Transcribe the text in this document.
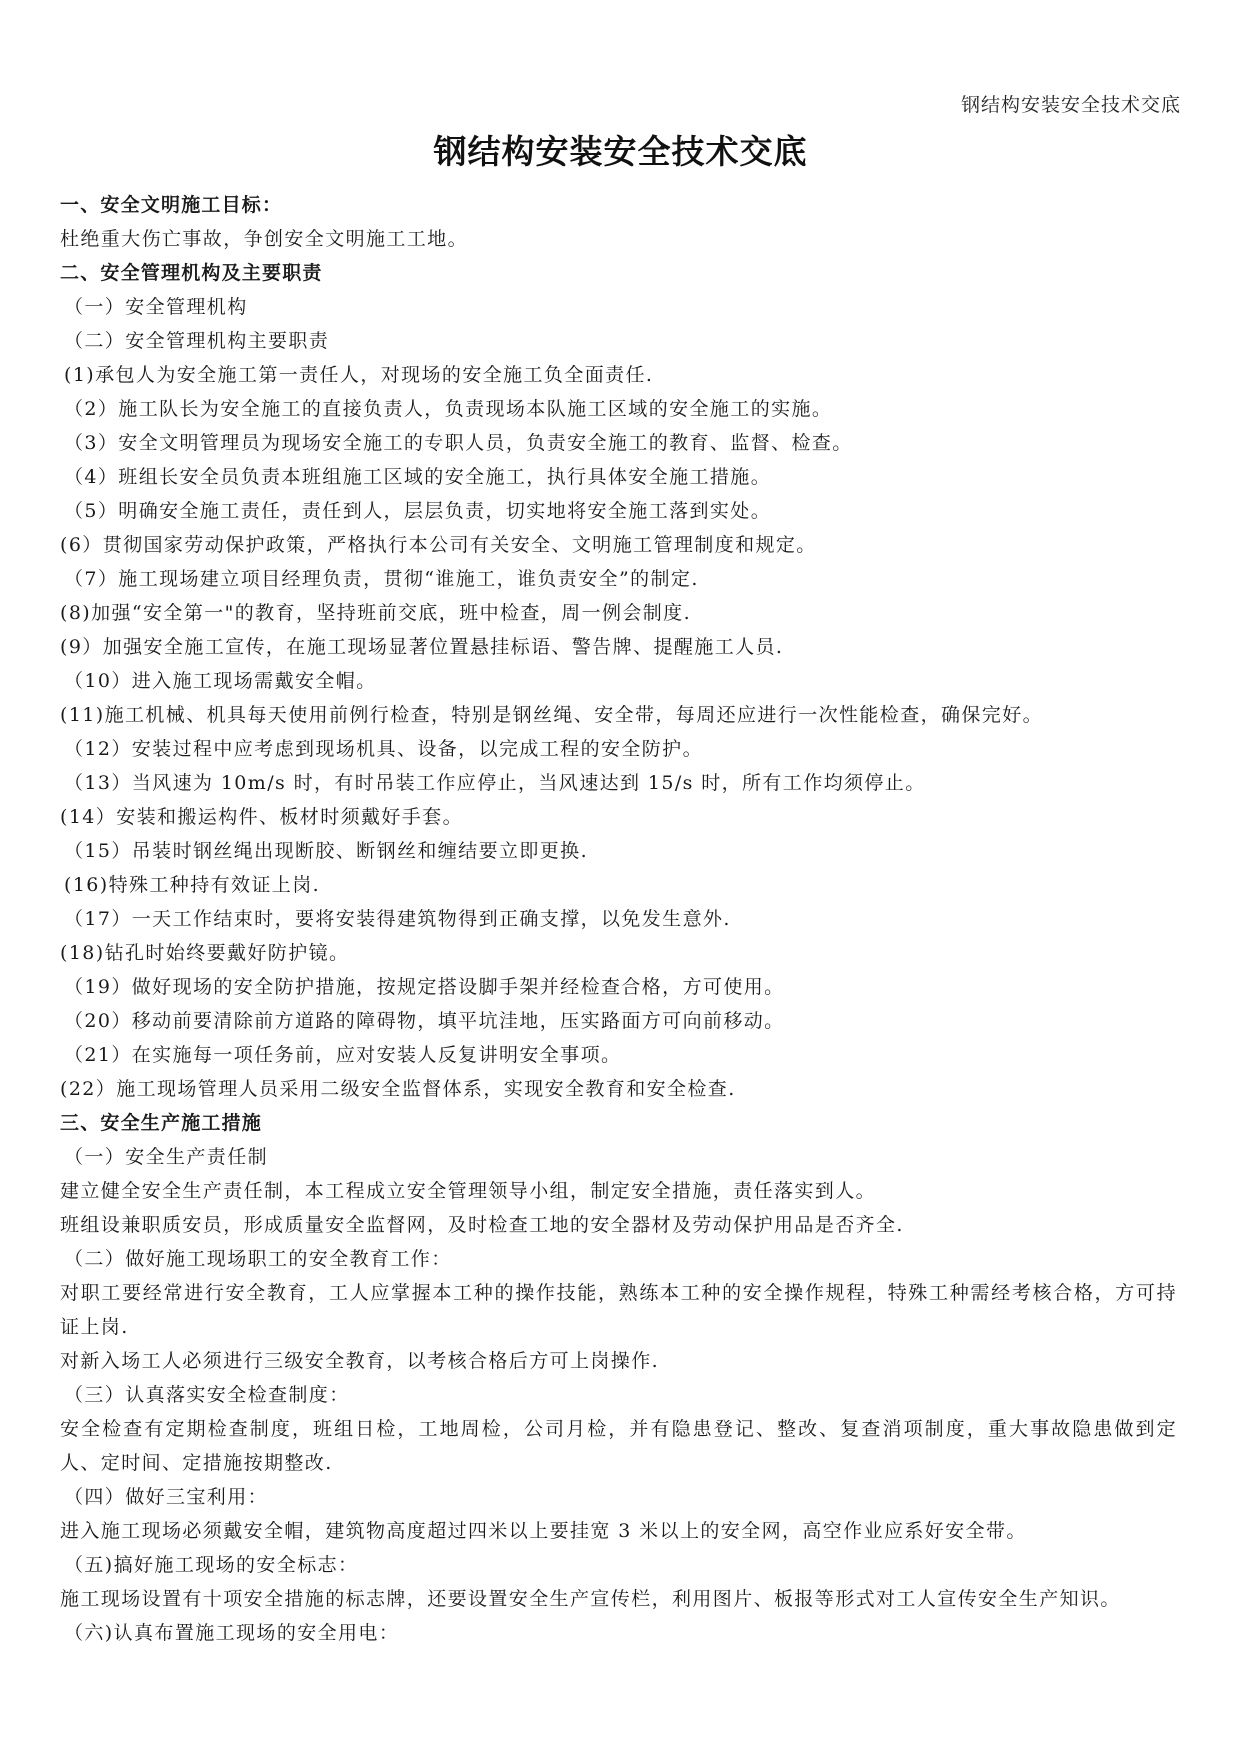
钢结构安装安全技术交底
钢结构安装安全技术交底
一、安全文明施工目标：
杜绝重大伤亡事故，争创安全文明施工工地。
二、安全管理机构及主要职责
（一）安全管理机构
（二）安全管理机构主要职责
(1)承包人为安全施工第一责任人，对现场的安全施工负全面责任.
（2）施工队长为安全施工的直接负责人，负责现场本队施工区域的安全施工的实施。
（3）安全文明管理员为现场安全施工的专职人员，负责安全施工的教育、监督、检查。
（4）班组长安全员负责本班组施工区域的安全施工，执行具体安全施工措施。
（5）明确安全施工责任，责任到人，层层负责，切实地将安全施工落到实处。
(6）贯彻国家劳动保护政策，严格执行本公司有关安全、文明施工管理制度和规定。
（7）施工现场建立项目经理负责，贯彻“谁施工，谁负责安全”的制定.
(8)加强“安全第一"的教育，坚持班前交底，班中检查，周一例会制度.
(9）加强安全施工宣传，在施工现场显著位置悬挂标语、警告牌、提醒施工人员.
（10）进入施工现场需戴安全帽。
(11)施工机械、机具每天使用前例行检查，特别是钢丝绳、安全带，每周还应进行一次性能检查，确保完好。
（12）安装过程中应考虑到现场机具、设备，以完成工程的安全防护。
（13）当风速为 10m/s 时，有时吊装工作应停止，当风速达到 15/s 时，所有工作均须停止。
(14）安装和搬运构件、板材时须戴好手套。
（15）吊装时钢丝绳出现断胶、断钢丝和缠结要立即更换.
(16)特殊工种持有效证上岗.
（17）一天工作结束时，要将安装得建筑物得到正确支撑，以免发生意外.
(18)钻孔时始终要戴好防护镜。
（19）做好现场的安全防护措施，按规定搭设脚手架并经检查合格，方可使用。
（20）移动前要清除前方道路的障碍物，填平坑洼地，压实路面方可向前移动。
（21）在实施每一项任务前，应对安装人反复讲明安全事项。
(22）施工现场管理人员采用二级安全监督体系，实现安全教育和安全检查.
三、安全生产施工措施
（一）安全生产责任制
建立健全安全生产责任制，本工程成立安全管理领导小组，制定安全措施，责任落实到人。
班组设兼职质安员，形成质量安全监督网，及时检查工地的安全器材及劳动保护用品是否齐全.
（二）做好施工现场职工的安全教育工作：
对职工要经常进行安全教育，工人应掌握本工种的操作技能，熟练本工种的安全操作规程，特殊工种需经考核合格，方可持证上岗.
对新入场工人必须进行三级安全教育，以考核合格后方可上岗操作.
（三）认真落实安全检查制度：
安全检查有定期检查制度，班组日检，工地周检，公司月检，并有隐患登记、整改、复查消项制度，重大事故隐患做到定人、定时间、定措施按期整改.
（四）做好三宝利用：
进入施工现场必须戴安全帽，建筑物高度超过四米以上要挂宽 3 米以上的安全网，高空作业应系好安全带。
（五)搞好施工现场的安全标志：
施工现场设置有十项安全措施的标志牌，还要设置安全生产宣传栏，利用图片、板报等形式对工人宣传安全生产知识。
（六)认真布置施工现场的安全用电：
